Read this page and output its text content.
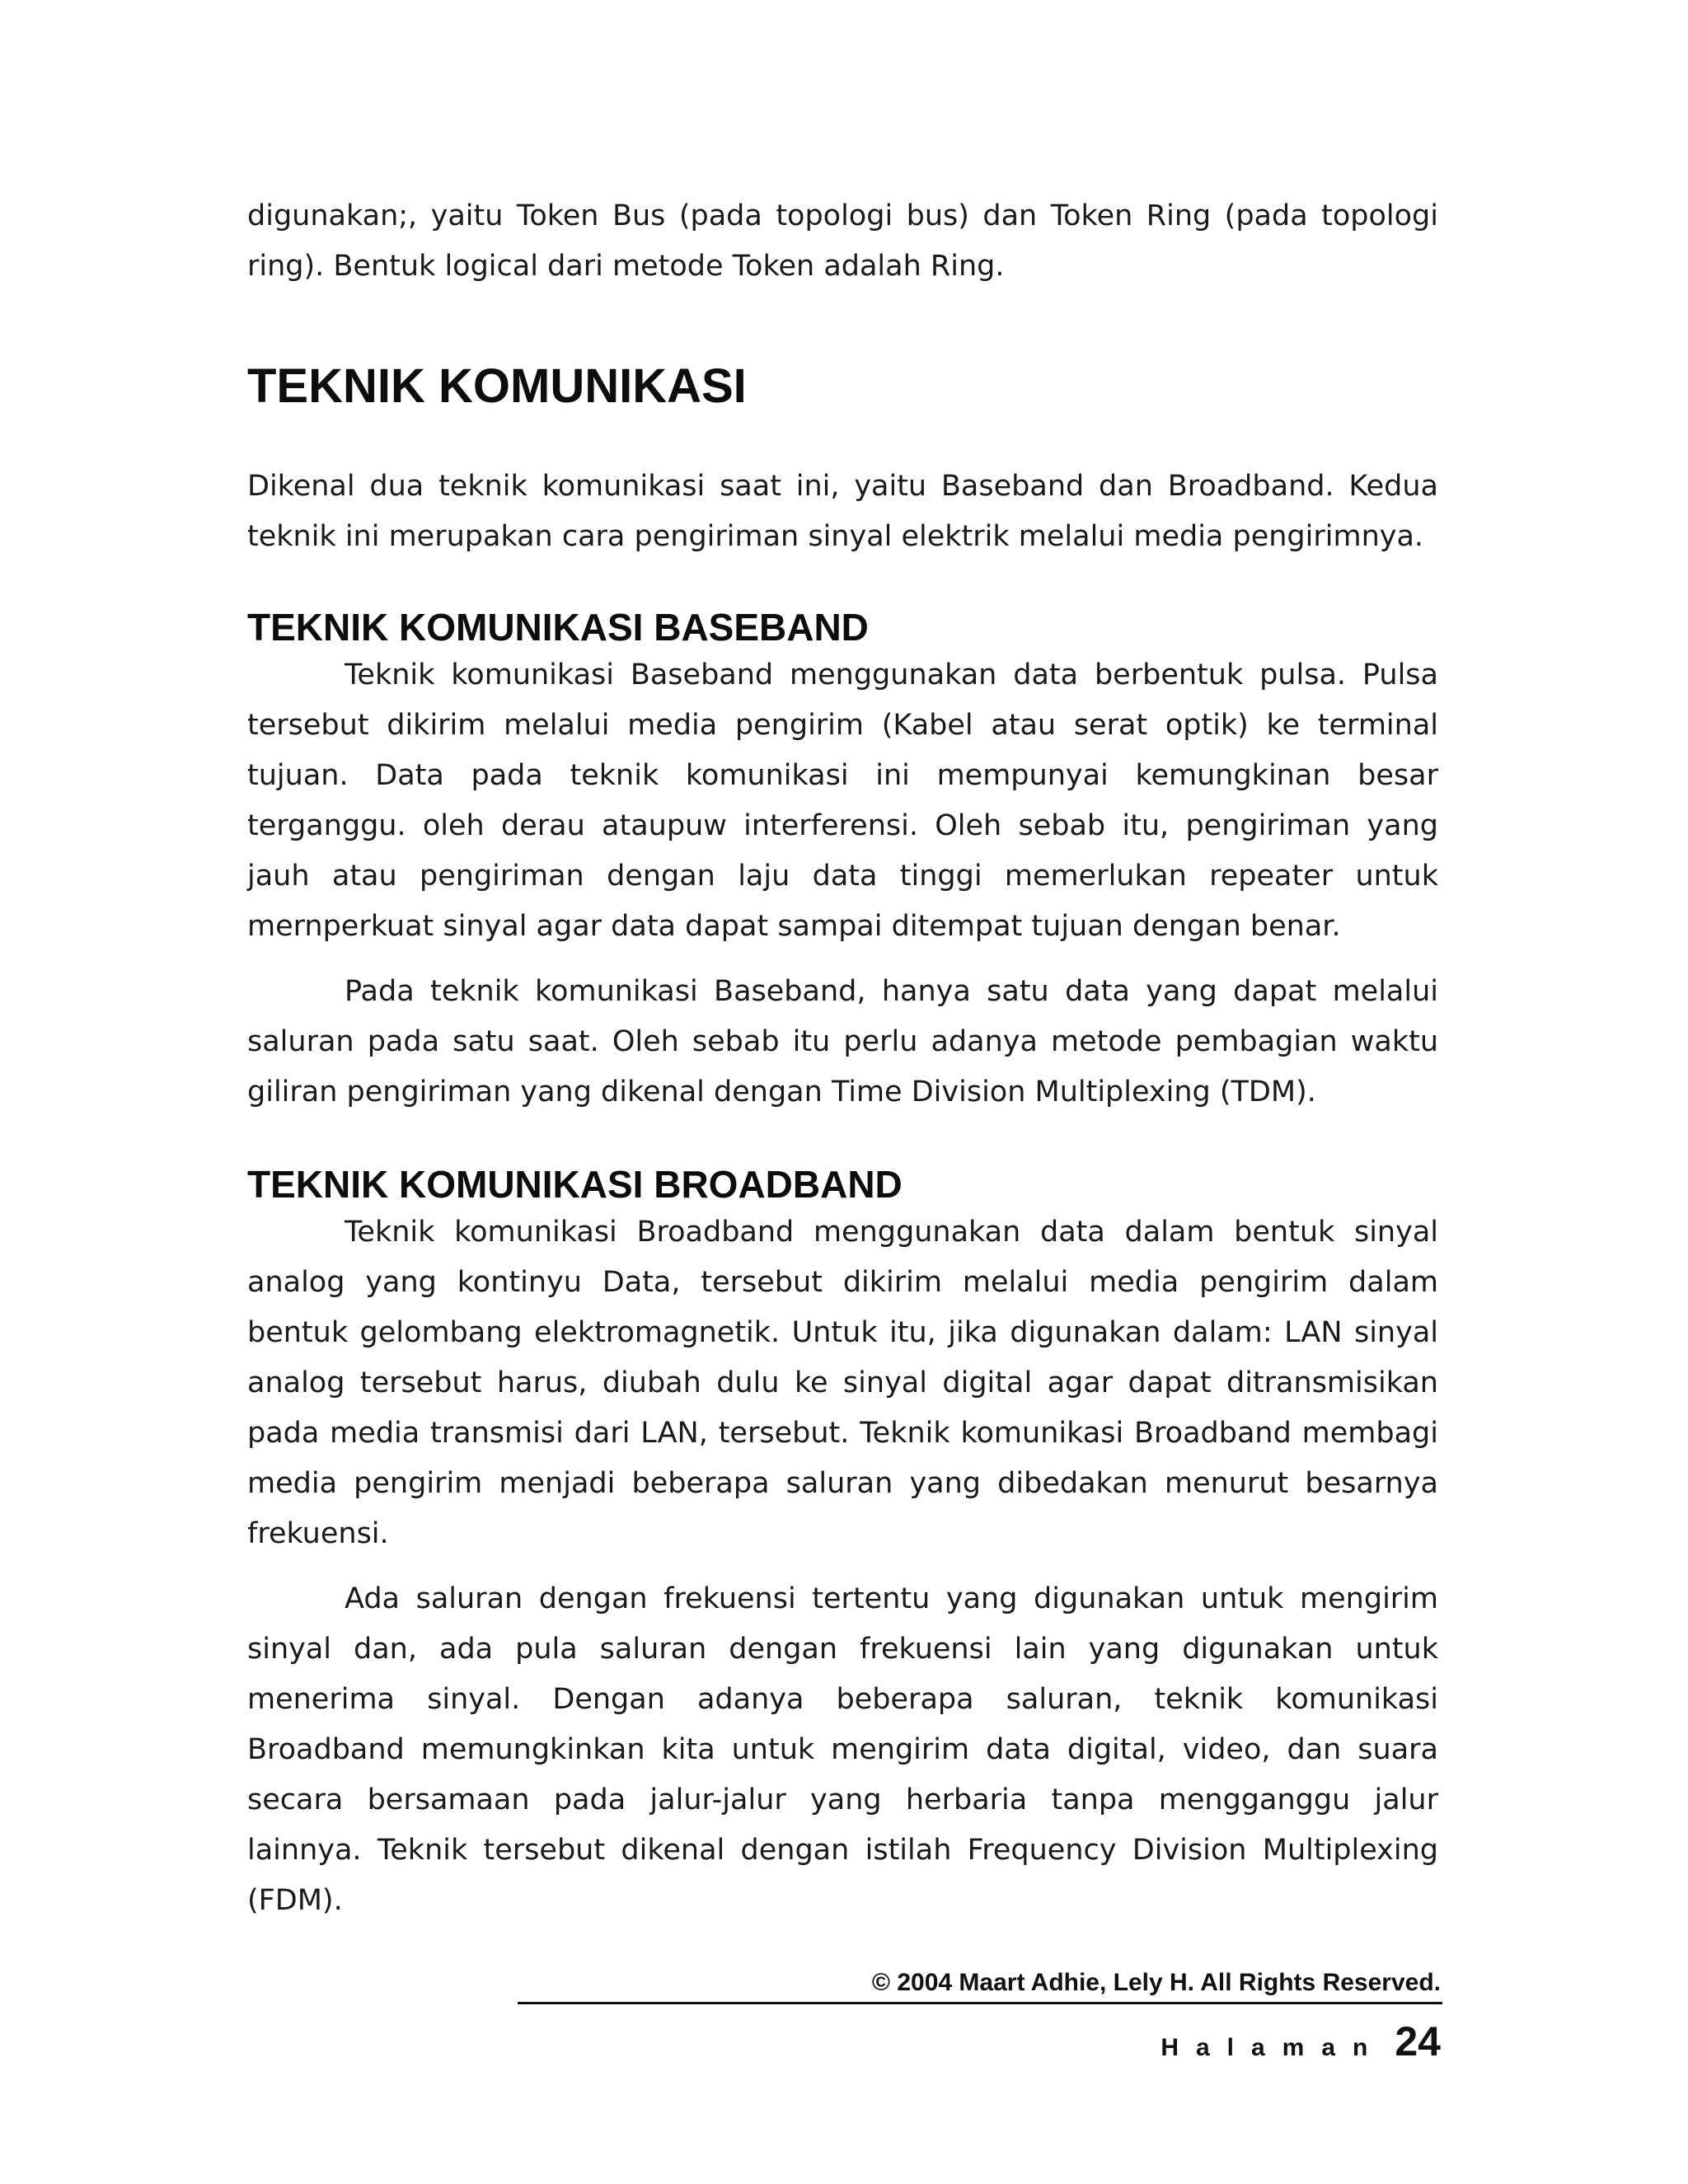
digunakan;, yaitu Token Bus (pada topologi bus) dan Token Ring (pada topologi ring). Bentuk logical dari metode Token adalah Ring.

TEKNIK KOMUNIKASI

Dikenal dua teknik komunikasi saat ini, yaitu Baseband dan Broadband. Kedua teknik ini merupakan cara pengiriman sinyal elektrik melalui media pengirimnya.

TEKNIK KOMUNIKASI BASEBAND

Teknik komunikasi Baseband menggunakan data berbentuk pulsa. Pulsa tersebut dikirim melalui media pengirim (Kabel atau serat optik) ke terminal tujuan. Data pada teknik komunikasi ini mempunyai kemungkinan besar terganggu. oleh derau ataupuw interferensi. Oleh sebab itu, pengiriman yang jauh atau pengiriman dengan laju data tinggi memerlukan repeater untuk mernperkuat sinyal agar data dapat sampai ditempat tujuan dengan benar.

Pada teknik komunikasi Baseband, hanya satu data yang dapat melalui saluran pada satu saat. Oleh sebab itu perlu adanya metode pembagian waktu giliran pengiriman yang dikenal dengan Time Division Multiplexing (TDM).

TEKNIK KOMUNIKASI BROADBAND

Teknik komunikasi Broadband menggunakan data dalam bentuk sinyal analog yang kontinyu Data, tersebut dikirim melalui media pengirim dalam bentuk gelombang elektromagnetik. Untuk itu, jika digunakan dalam: LAN sinyal analog tersebut harus, diubah dulu ke sinyal digital agar dapat ditransmisikan pada media transmisi dari LAN, tersebut. Teknik komunikasi Broadband membagi media pengirim menjadi beberapa saluran yang dibedakan menurut besarnya frekuensi.

Ada saluran dengan frekuensi tertentu yang digunakan untuk mengirim sinyal dan, ada pula saluran dengan frekuensi lain yang digunakan untuk menerima sinyal. Dengan adanya beberapa saluran, teknik komunikasi Broadband memungkinkan kita untuk mengirim data digital, video, dan suara secara bersamaan pada jalur-jalur yang herbaria tanpa mengganggu jalur lainnya. Teknik tersebut dikenal dengan istilah Frequency Division Multiplexing (FDM).

© 2004 Maart Adhie, Lely H. All Rights Reserved.
Halaman 24
